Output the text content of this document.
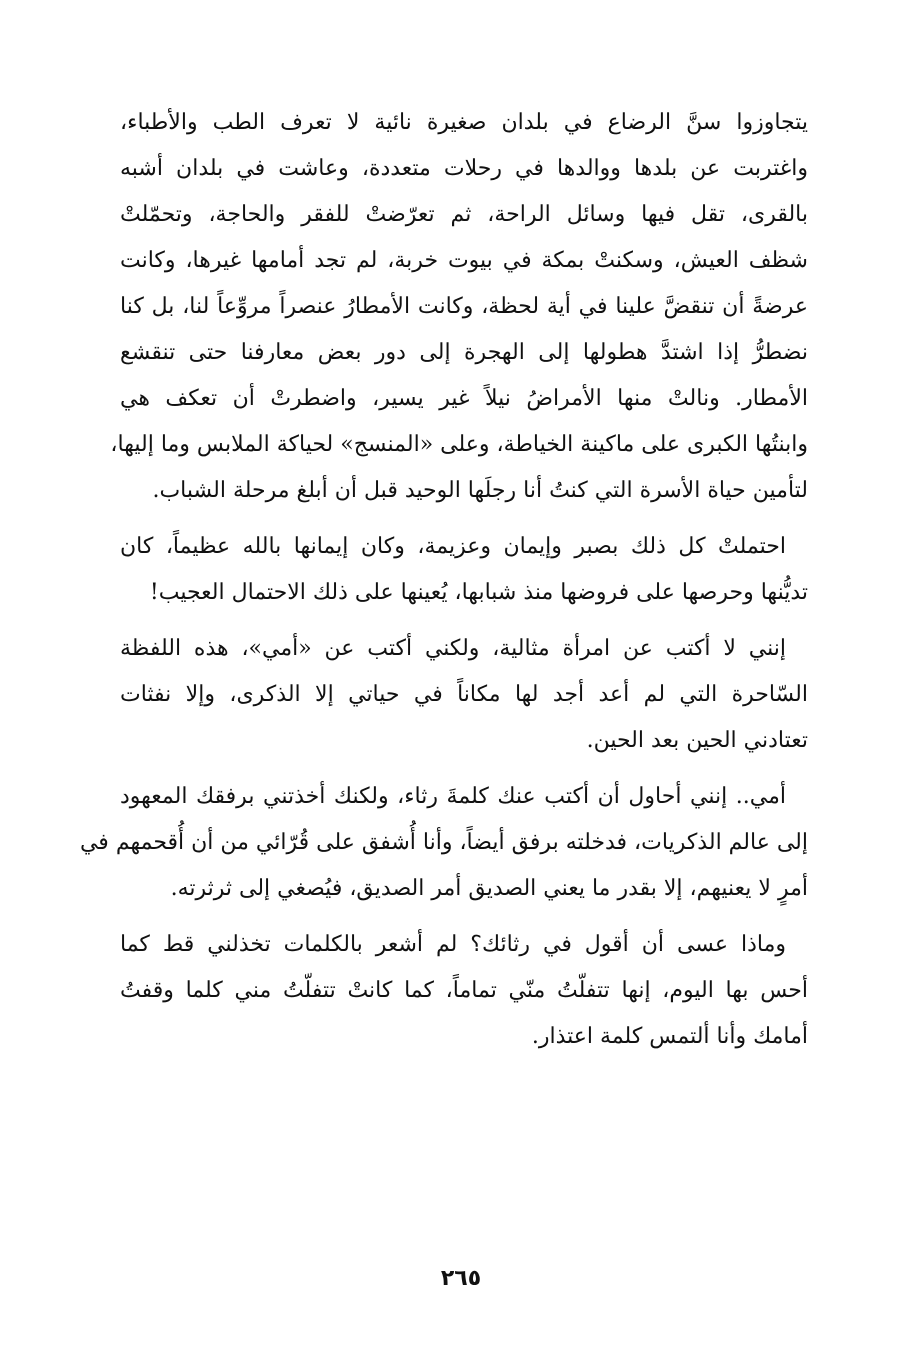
يتجاوزوا سنَّ الرضاع في بلدان صغيرة نائية لا تعرف الطب والأطباء،
واغتربت عن بلدها ووالدها في رحلات متعددة، وعاشت في بلدان أشبه
بالقرى، تقل فيها وسائل الراحة، ثم تعرّضتْ للفقر والحاجة، وتحمّلتْ
شظف العيش، وسكنتْ بمكة في بيوت خربة، لم تجد أمامها غيرها، وكانت
عرضةً أن تنقضَّ علينا في أية لحظة، وكانت الأمطارُ عنصراً مروِّعاً لنا، بل كنا
نضطرُّ إذا اشتدَّ هطولها إلى الهجرة إلى دور بعض معارفنا حتى تنقشع
الأمطار. ونالتْ منها الأمراضُ نيلاً غير يسير، واضطرتْ أن تعكف هي
وابنتُها الكبرى على ماكينة الخياطة، وعلى «المنسج» لحياكة الملابس وما إليها،
لتأمين حياة الأسرة التي كنتُ أنا رجلَها الوحيد قبل أن أبلغ مرحلة الشباب.

احتملتْ كل ذلك بصبر وإيمان وعزيمة، وكان إيمانها بالله عظيماً، كان
تديُّنها وحرصها على فروضها منذ شبابها، يُعينها على ذلك الاحتمال العجيب!

إنني لا أكتب عن امرأة مثالية، ولكني أكتب عن «أمي»، هذه اللفظة
السّاحرة التي لم أعد أجد لها مكاناً في حياتي إلا الذكرى، وإلا نفثات
تعتادني الحين بعد الحين.

أمي.. إنني أحاول أن أكتب عنك كلمةَ رثاء، ولكنك أخذتني برفقك المعهود
إلى عالم الذكريات، فدخلته برفق أيضاً، وأنا أُشفق على قُرّائي من أن أُقحمهم في
أمرٍ لا يعنيهم، إلا بقدر ما يعني الصديق أمر الصديق، فيُصغي إلى ثرثرته.

وماذا عسى أن أقول في رثائك؟ لم أشعر بالكلمات تخذلني قط كما
أحس بها اليوم، إنها تتفلّتُ منّي تماماً، كما كانتْ تتفلّتُ مني كلما وقفتُ
أمامك وأنا ألتمس كلمة اعتذار.

٢٦٥
